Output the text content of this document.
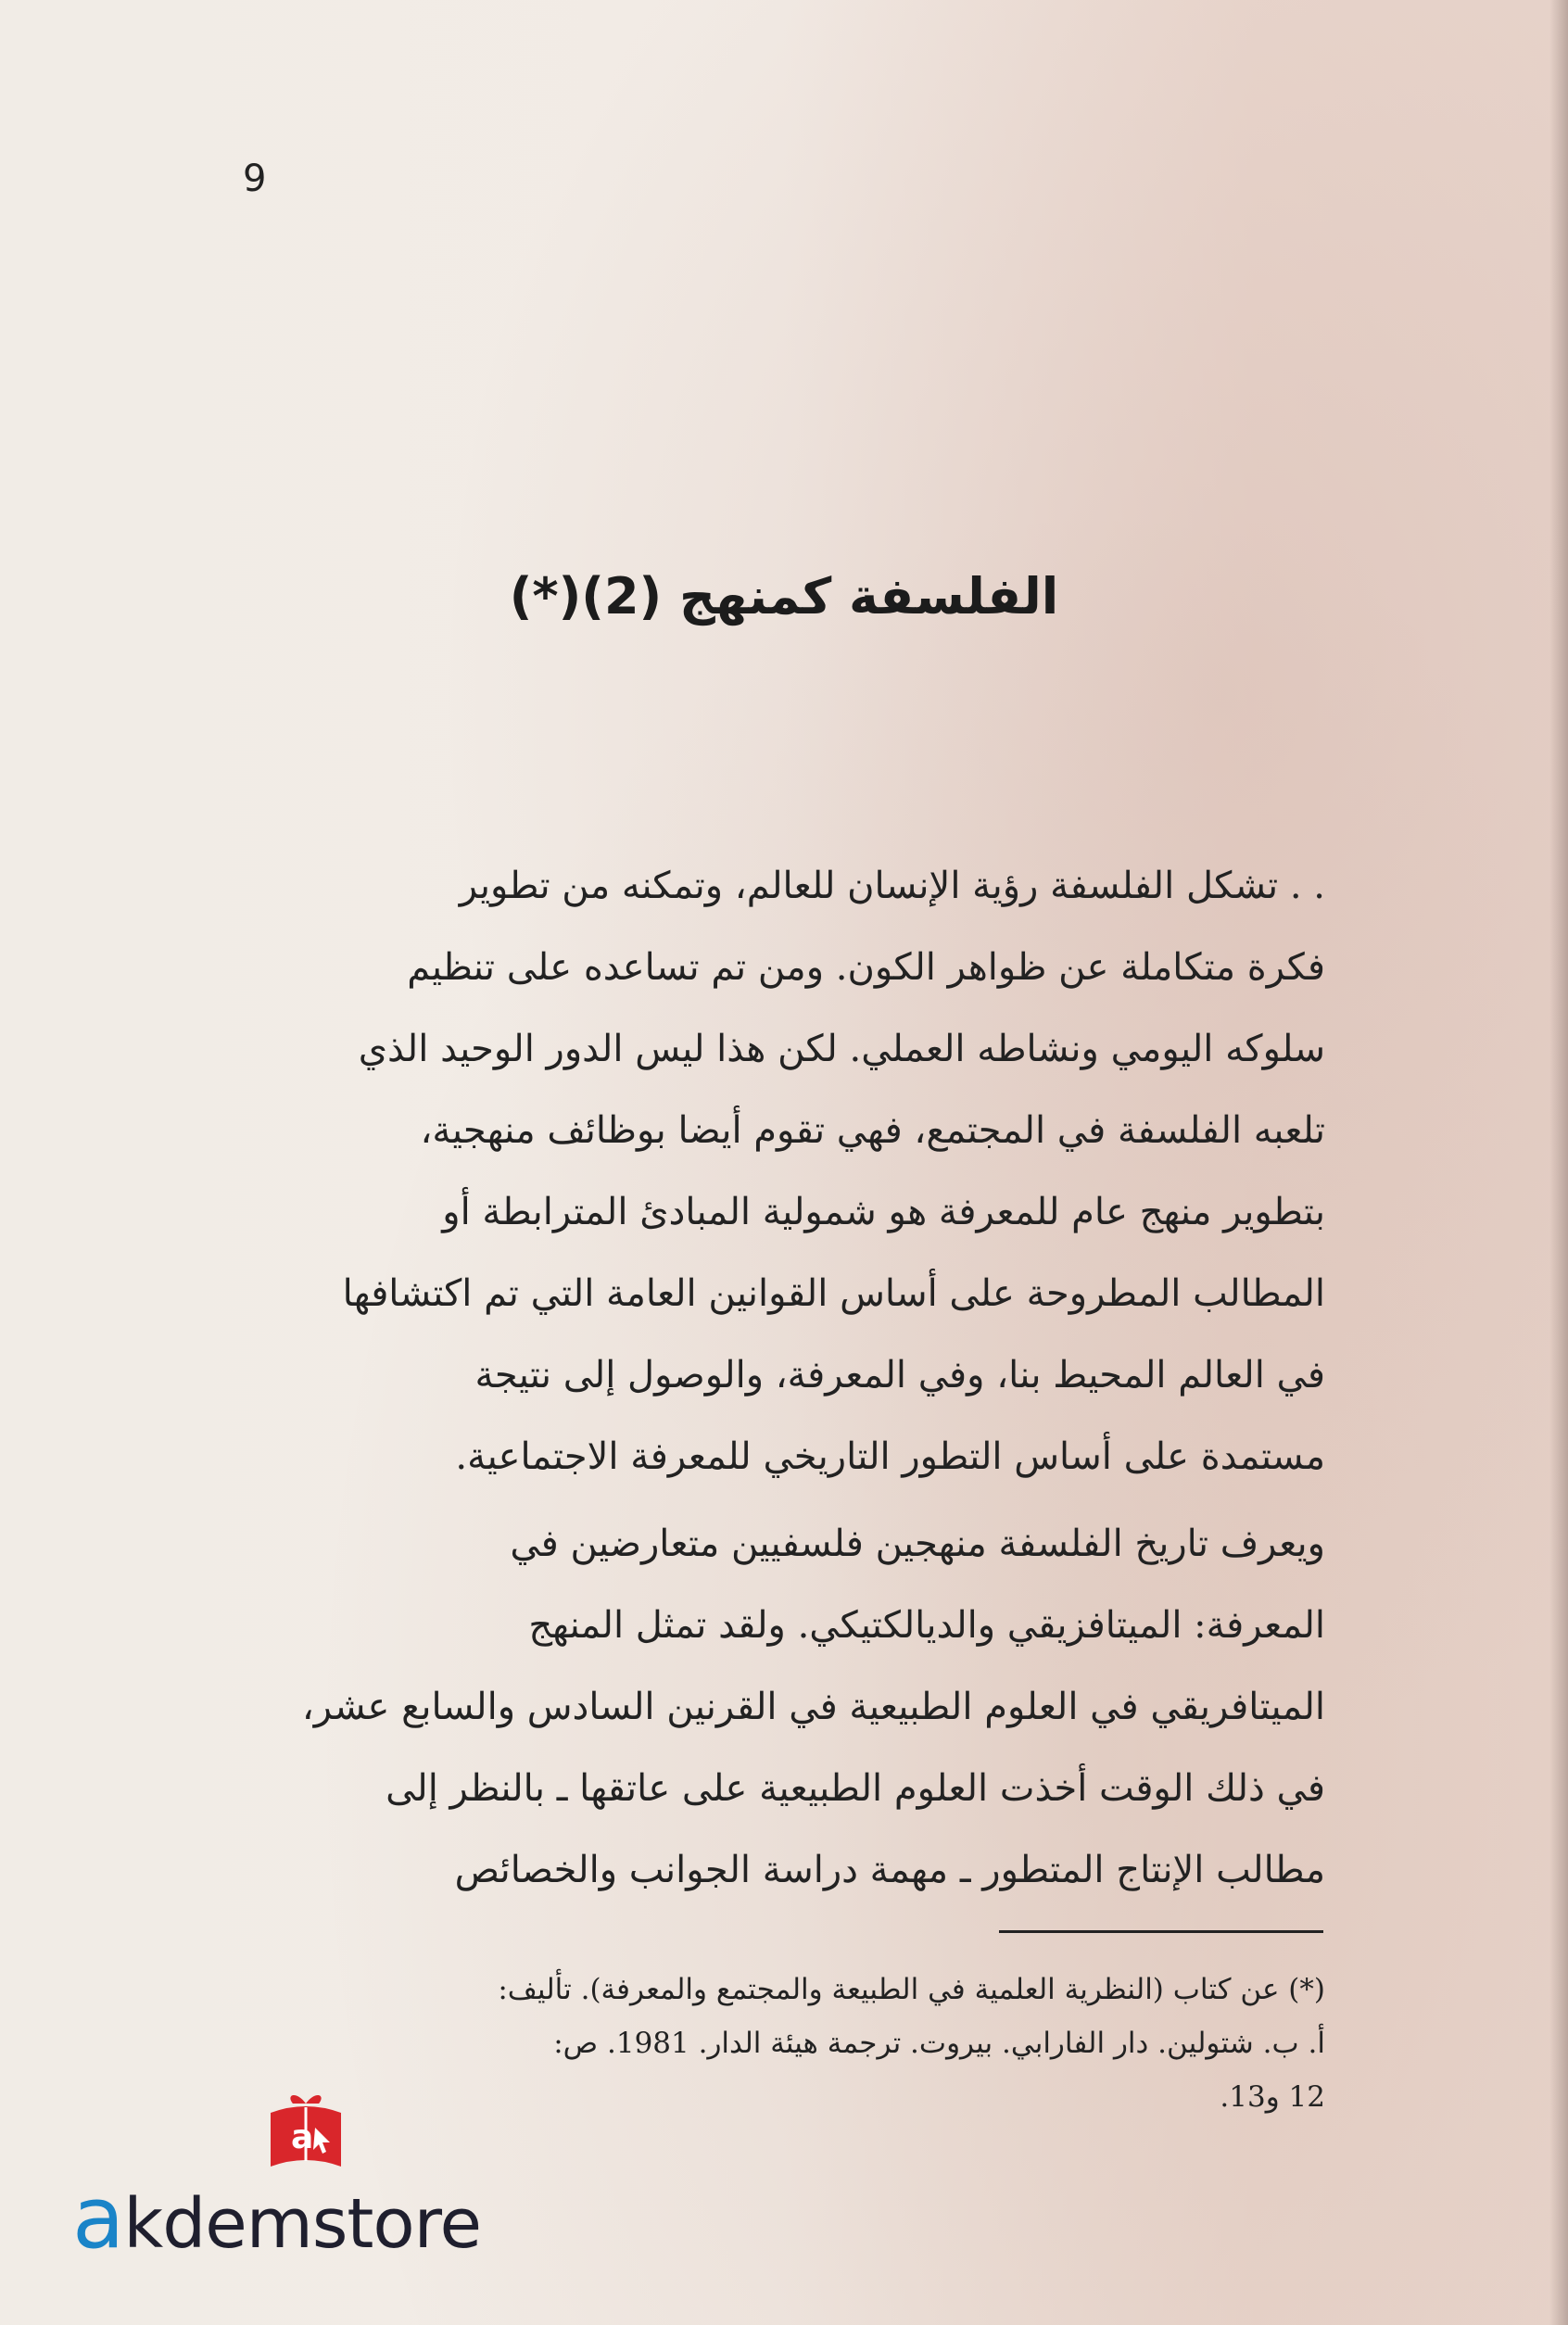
9
الفلسفة كمنهج (2)(*)
. . تشكل الفلسفة رؤية الإنسان للعالم، وتمكنه من تطوير
فكرة متكاملة عن ظواهر الكون. ومن تم تساعده على تنظيم
سلوكه اليومي ونشاطه العملي. لكن هذا ليس الدور الوحيد الذي
تلعبه الفلسفة في المجتمع، فهي تقوم أيضا بوظائف منهجية،
بتطوير منهج عام للمعرفة هو شمولية المبادئ المترابطة أو
المطالب المطروحة على أساس القوانين العامة التي تم اكتشافها
في العالم المحيط بنا، وفي المعرفة، والوصول إلى نتيجة
مستمدة على أساس التطور التاريخي للمعرفة الاجتماعية.
ويعرف تاريخ الفلسفة منهجين فلسفيين متعارضين في
المعرفة: الميتافزيقي والديالكتيكي. ولقد تمثل المنهج
الميتافريقي في العلوم الطبيعية في القرنين السادس والسابع عشر،
في ذلك الوقت أخذت العلوم الطبيعية على عاتقها ـ بالنظر إلى
مطالب الإنتاج المتطور ـ مهمة دراسة الجوانب والخصائص
(*) عن كتاب (النظرية العلمية في الطبيعة والمجتمع والمعرفة). تأليف:
أ. ب. شتولين. دار الفارابي. بيروت. ترجمة هيئة الدار. 1981. ص:
12 و13.
a
akdemstore
